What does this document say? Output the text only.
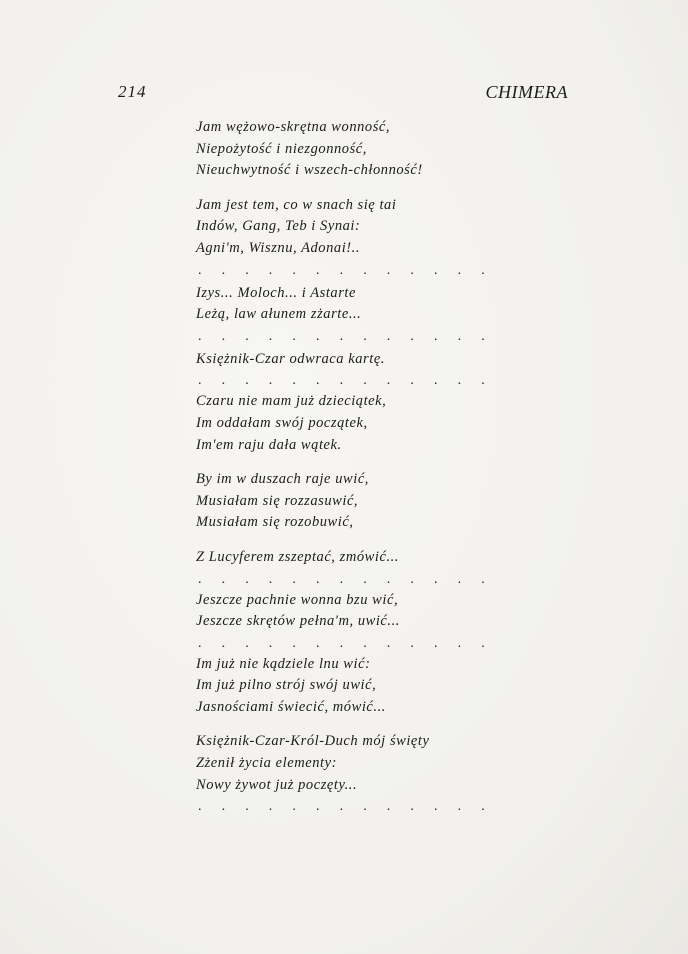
214	CHIMERA
Jam wężowo-skrętna wonność,
Niepożytość i niezgonność,
Nieuchwytność i wszech-chłonność!
Jam jest tem, co w snach się tai
Indów, Gang, Teb i Synai:
Agni'm, Wisznu, Adonai!..
. . . . . . . . . . . . .
Izys... Moloch... i Astarte
Leżą, law ałunem zżarte...
. . . . . . . . . . . . .
Księżnik-Czar odwraca kartę.
. . . . . . . . . . . . .
Czaru nie mam już dzieciątek,
Im oddałam swój początek,
Im'em raju dała wątek.
By im w duszach raje uwić,
Musiałam się rozzasuwić,
Musiałam się rozobuwić,
Z Lucyferem zszeptać, zmówić...
. . . . . . . . . . . . .
Jeszcze pachnie wonna bzu wić,
Jeszcze skrętów pełna'm, uwić...
. . . . . . . . . . . . .
Im już nie kądziele lnu wić:
Im już pilno strój swój uwić,
Jasnościami świecić, mówić...
Księżnik-Czar-Król-Duch mój święty
Zżenił życia elementy:
Nowy żywot już poczęty...
. . . . . . . . . . . . .
